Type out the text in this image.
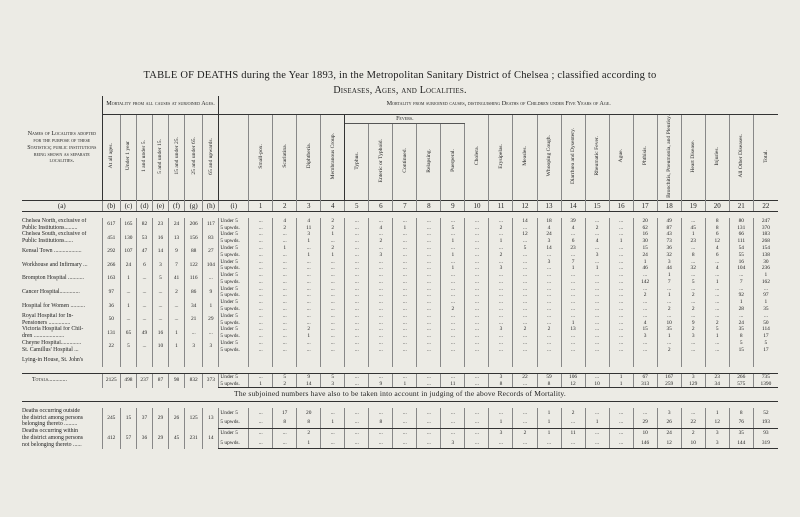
TABLE OF DEATHS during the Year 1893, in the Metropolitan Sanitary District of Chelsea ; classified according to
Diseases, Ages, and Localities.
Names of Localities adopted for the purpose of these Statistics; public institutions being shown as separate localities.	Mortality from all causes at subjoined Ages.							Mortality from subjoined causes, distinguishing Deaths of Children under Five Years of Age.																						
	At all ages.	Under 1 year	1 and under 5.	5 and under 15.	15 and under 25.	25 and under 65.	65 and upwards.		Small-pox.	Scarlatina.	Diphtheria.	Membranous Croup.	Typhus.	Enteric or Typhoid.	Continued.	Relapsing.	Puerperal.	Cholera.	Erysipelas.	Measles.	Whooping Cough.	Diarrhœa and Dysentery.	Rheumatic Fever.	Ague.	Phthisis.	Bronchitis, Pneumonia, and Pleurisy.	Heart Disease.	Injuries.	All Other Diseases.	Total.
(a)	(b)	(c)	(d)	(e)	(f)	(g)	(h)	(i)	1	2	3	4	5	6	7	8	9	10	11	12	13	14	15	16	17	18	19	20	21	22

Chelsea North, exclusive of
Public Institutions.........	617	165	82	23	24	206	117	Under 5	...	4	4	2	...	...	...	...	...	...	...	14	18	39	...	...	20	49	...	8	80	247
								5 upwds.	...	2	11	2	...	4	1	...	5	...	2	...	4	4	2	...	62	87	45	8	131	370

Chelsea South, exclusive of
Public Institutions......	451	130	53	16	13	156	83	Under 5	...	...	3	1	...	...	...	...	...	...	...	12	24	...	...	...	16	43	1	6	66	183
								5 upwds.	...	...	1	...	...	2	...	...	1	...	1	...	3	6	4	1	30	73	23	12	111	268

Kensal Town ...................	292	107	47	14	9	88	27	Under 5	...	1	...	2	...	...	...	...	...	...	...	5	14	23	...	...	15	36	...	4	54	154
								5 upwds.	...	...	1	1	...	3	...	...	1	...	2	...	...	...	3	...	24	32	8	6	55	138

Workhouse and Infirmary ...	266	24	6	3	7	122	104	Under 5	...	...	...	...	...	...	...	...	...	...	...	...	3	7	...	...	1	3	...	...	16	30
								5 upwds.	...	...	...	...	...	...	...	...	1	...	3	...	...	1	1	...	46	44	32	4	104	236

Brompton Hospital ...........	163	1	...	5	41	116	...	Under 5	...	...	...	...	...	...	...	...	...	...	...	...	...	...	...	...	...	1	...	...	...	1
								5 upwds.	...	...	...	...	...	...	...	...	...	...	...	...	...	...	...	...	142	7	5	1	7	162

Cancer Hospital..............	97	...	...	...	2	86	9	Under 5	...	...	...	...	...	...	...	...	...	...	...	...	...	...	...	...	...	...	...	...	...	...
								5 upwds.	...	...	...	...	...	...	...	...	...	...	...	...	...	...	...	...	2	1	2	...	92	97

Hospital for Women ..........	36	1	...	...	...	34	1	Under 5	...	...	...	...	...	...	...	...	...	...	...	...	...	...	...	...	...	...	...	...	1	1
								5 upwds.	...	...	...	...	...	...	...	...	2	...	...	...	...	...	...	...	...	2	2	...	28	35

Royal Hospital for In-
Pensioners ...............	50	...	...	...	...	21	29	Under 5	...	...	...	...	...	...	...	...	...	...	...	...	...	...	...	...	...	...	...	...	...	...
								5 upwds.	...	...	...	...	...	...	...	...	...	...	...	...	...	1	...	...	4	10	9	2	24	50

Victoria Hospital for Chil-
dren .....................	131	65	49	16	1	...	...	Under 5	...	...	2	...	...	...	...	...	...	...	3	2	2	13	...	...	15	35	2	5	35	114
								5 upwds.	...	...	1	...	...	...	...	...	...	...	...	...	...	...	...	...	3	1	3	1	8	17

Cheyne Hospital..............
St. Camillus' Hospital ...	22	5	...	10	1	3	3	Under 5	...	...	...	...	...	...	...	...	...	...	...	...	...	...	...	...	...	...	...	...	5	5
								5 upwds.	...	...	...	...	...	...	...	...	...	...	...	...	...	...	...	...	...	2	...	...	15	17

Lying-in House, St. John's																														

Totals.............	2125	498	237	87	98	832	373	Under 5	...	5	9	5	...	...	...	...	...	...	3	22	59	106	...	1	67	167	3	23	266	735
								5 upwds.	1	2	14	3	...	9	1	...	11	...	8	...	8	12	10	1	313	259	129	34	575	1390
The subjoined numbers have also to be taken into account in judging of the above Records of Mortality.																														

Deaths occurring outside
the district among persons
belonging thereto .........	245	15	37	29	26	125	13	Under 5	...	17	20	...	...	...	...	...	...	...	...	...	1	2	...	...	...	3	...	1	8	52
								5 upwds.	...	8	8	1	...	8	...	...	...	...	1	...	1	...	1	...	29	26	22	12	76	193

Deaths occurring within
the district among persons
not belonging thereto ......	412	57	36	29	45	231	14	Under 5	...	...	2	...	...	...	...	...	...	...	3	2	1	11	...	...	10	24	2	3	35	93
								5 upwds.	...	...	1	...	...	...	...	...	3	...	...	...	...	...	...	...	146	12	10	3	144	319
Fevers.
